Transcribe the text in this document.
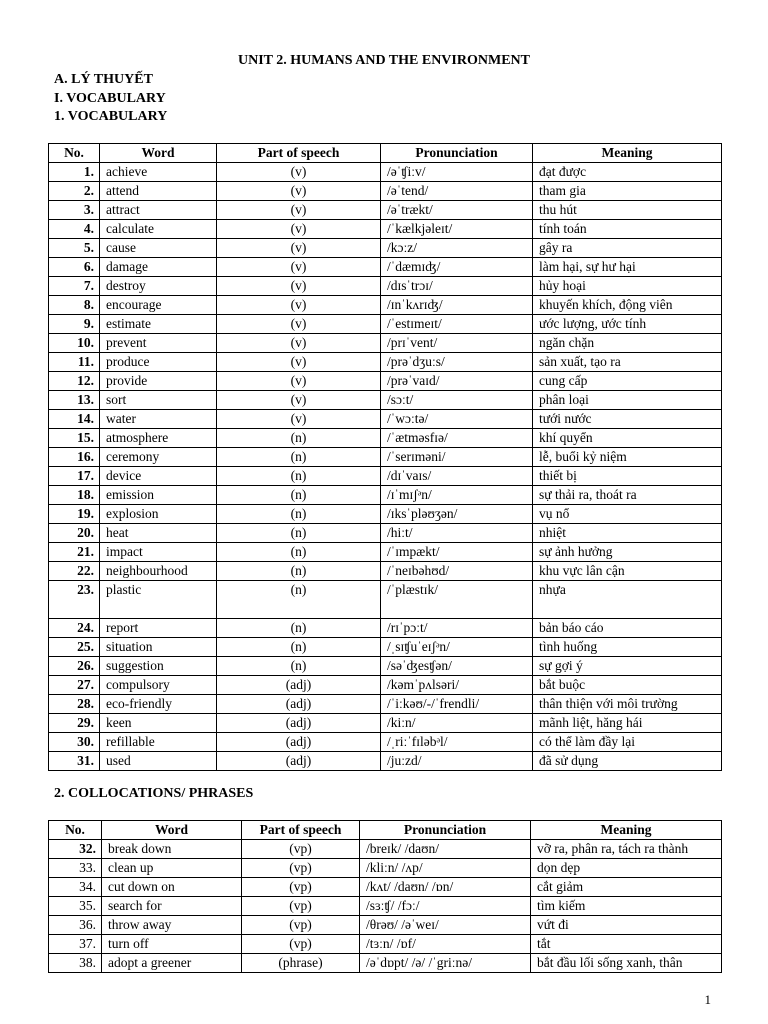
UNIT 2. HUMANS AND THE ENVIRONMENT
A. LÝ THUYẾT
I. VOCABULARY
1. VOCABULARY
No.	Word	Part of speech	Pronunciation	Meaning
1.	achieve	(v)	/əˈʧiːv/	đạt được
2.	attend	(v)	/əˈtend/	tham gia
3.	attract	(v)	/əˈtrækt/	thu hút
4.	calculate	(v)	/ˈkælkjəleɪt/	tính toán
5.	cause	(v)	/kɔːz/	gây ra
6.	damage	(v)	/ˈdæmɪʤ/	làm hại, sự hư hại
7.	destroy	(v)	/dɪsˈtrɔɪ/	hủy hoại
8.	encourage	(v)	/ɪnˈkʌrɪʤ/	khuyến khích, động viên
9.	estimate	(v)	/ˈestɪmeɪt/	ước lượng, ước tính
10.	prevent	(v)	/prɪˈvent/	ngăn chặn
11.	produce	(v)	/prəˈdʒuːs/	sản xuất, tạo ra
12.	provide	(v)	/prəˈvaɪd/	cung cấp
13.	sort	(v)	/sɔːt/	phân loại
14.	water	(v)	/ˈwɔːtə/	tưới nước
15.	atmosphere	(n)	/ˈætməsfɪə/	khí quyển
16.	ceremony	(n)	/ˈserɪməni/	lễ, buổi kỷ niệm
17.	device	(n)	/dɪˈvaɪs/	thiết bị
18.	emission	(n)	/ɪˈmɪʃᵊn/	sự thải ra, thoát ra
19.	explosion	(n)	/ɪksˈpləʊʒən/	vụ nổ
20.	heat	(n)	/hiːt/	nhiệt
21.	impact	(n)	/ˈɪmpækt/	sự ảnh hưởng
22.	neighbourhood	(n)	/ˈneɪbəhʊd/	khu vực lân cận
23.	plastic	(n)	/ˈplæstɪk/	nhựa
24.	report	(n)	/rɪˈpɔːt/	bản báo cáo
25.	situation	(n)	/ˌsɪʧuˈeɪʃᵊn/	tình huống
26.	suggestion	(n)	/səˈʤesʧən/	sự gợi ý
27.	compulsory	(adj)	/kəmˈpʌlsəri/	bắt buộc
28.	eco-friendly	(adj)	/ˈiːkəʊ/-/ˈfrendli/	thân thiện với môi trường
29.	keen	(adj)	/kiːn/	mãnh liệt, hăng hái
30.	refillable	(adj)	/ˌriːˈfɪləbᵊl/	có thể làm đầy lại
31.	used	(adj)	/juːzd/	đã sử dụng
2. COLLOCATIONS/ PHRASES
No.	Word	Part of speech	Pronunciation	Meaning
32.	break down	(vp)	/breɪk/ /daʊn/	vỡ ra, phân ra, tách ra thành
33.	clean up	(vp)	/kliːn/ /ʌp/	dọn dẹp
34.	cut down on	(vp)	/kʌt/ /daʊn/ /ɒn/	cắt giảm
35.	search for	(vp)	/sɜːʧ/ /fɔː/	tìm kiếm
36.	throw away	(vp)	/θrəʊ/ /əˈweɪ/	vứt đi
37.	turn off	(vp)	/tɜːn/ /ɒf/	tắt
38.	adopt a greener	(phrase)	/əˈdɒpt/ /ə/ /ˈgriːnə/	bắt đầu lối sống xanh, thân
1
